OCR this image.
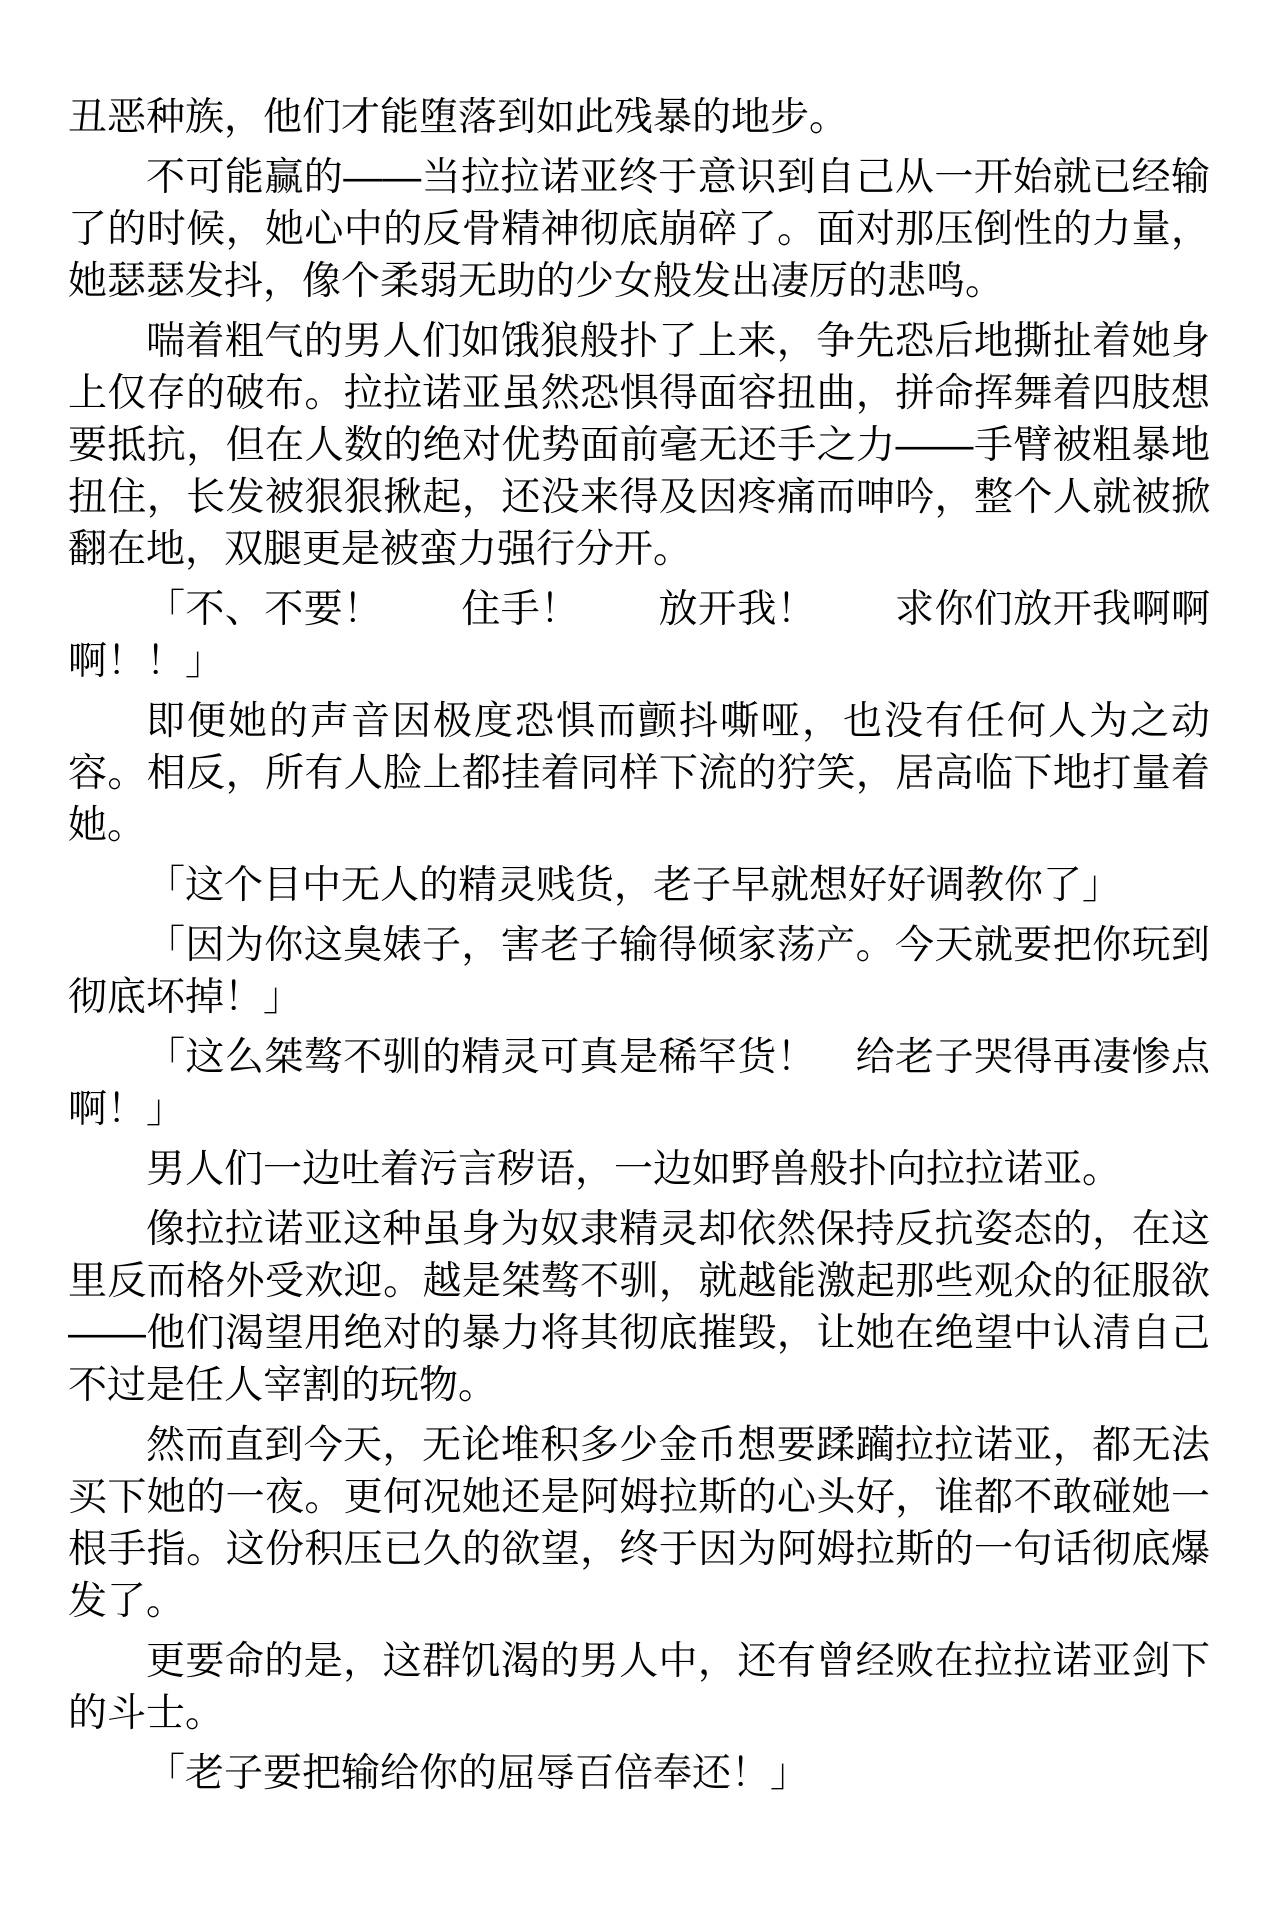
丑恶种族，他们才能堕落到如此残暴的地步。

不可能赢的——当拉拉诺亚终于意识到自己从一开始就已经输了的时候，她心中的反骨精神彻底崩碎了。面对那压倒性的力量，她瑟瑟发抖，像个柔弱无助的少女般发出凄厉的悲鸣。

喘着粗气的男人们如饿狼般扑了上来，争先恐后地撕扯着她身上仅存的破布。拉拉诺亚虽然恐惧得面容扭曲，拼命挥舞着四肢想要抵抗，但在人数的绝对优势面前毫无还手之力——手臂被粗暴地扭住，长发被狠狠揪起，还没来得及因疼痛而呻吟，整个人就被掀翻在地，双腿更是被蛮力强行分开。

「不、不要！　　住手！　　放开我！　　求你们放开我啊啊啊！！」

即便她的声音因极度恐惧而颤抖嘶哑，也没有任何人为之动容。相反，所有人脸上都挂着同样下流的狞笑，居高临下地打量着她。

「这个目中无人的精灵贱货，老子早就想好好调教你了」

「因为你这臭婊子，害老子输得倾家荡产。今天就要把你玩到彻底坏掉！」

「这么桀骜不驯的精灵可真是稀罕货！　给老子哭得再凄惨点啊！」

男人们一边吐着污言秽语，一边如野兽般扑向拉拉诺亚。

像拉拉诺亚这种虽身为奴隶精灵却依然保持反抗姿态的，在这里反而格外受欢迎。越是桀骜不驯，就越能激起那些观众的征服欲——他们渴望用绝对的暴力将其彻底摧毁，让她在绝望中认清自己不过是任人宰割的玩物。

然而直到今天，无论堆积多少金币想要蹂躏拉拉诺亚，都无法买下她的一夜。更何况她还是阿姆拉斯的心头好，谁都不敢碰她一根手指。这份积压已久的欲望，终于因为阿姆拉斯的一句话彻底爆发了。

更要命的是，这群饥渴的男人中，还有曾经败在拉拉诺亚剑下的斗士。

「老子要把输给你的屈辱百倍奉还！」
